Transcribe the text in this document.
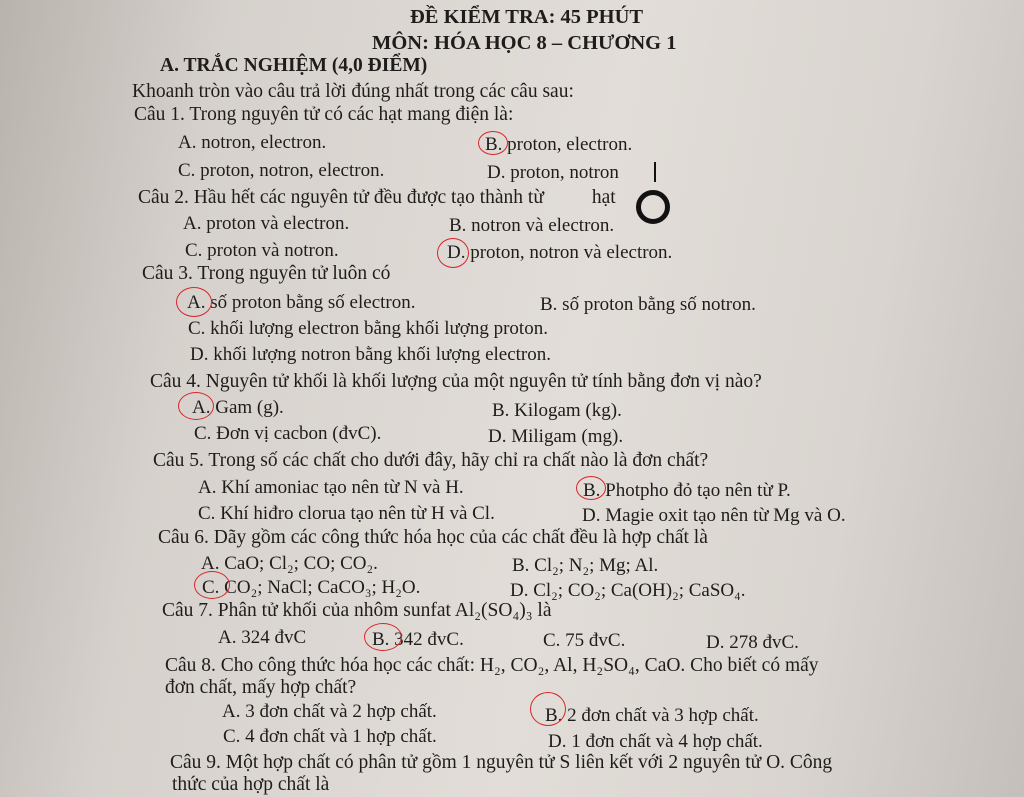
ĐỀ KIỂM TRA: 45 PHÚT
MÔN: HÓA HỌC 8 – CHƯƠNG 1
A. TRẮC NGHIỆM (4,0 ĐIỂM)
Khoanh tròn vào câu trả lời đúng nhất trong các câu sau:
Câu 1. Trong nguyên tử có các hạt mang điện là:
A. notron, electron.	B. proton, electron.
C. proton, notron, electron.	D. proton, notron
Câu 2. Hầu hết các nguyên tử đều được tạo thành từ hạt
A. proton và electron.	B. notron và electron.
C. proton và notron.	D. proton, notron và electron.
Câu 3. Trong nguyên tử luôn có
A. số proton bằng số electron.	B. số proton bằng số notron.
C. khối lượng electron bằng khối lượng proton.
D. khối lượng notron bằng khối lượng electron.
Câu 4. Nguyên tử khối là khối lượng của một nguyên tử tính bằng đơn vị nào?
A. Gam (g).	B. Kilogam (kg).
C. Đơn vị cacbon (đvC).	D. Miligam (mg).
Câu 5. Trong số các chất cho dưới đây, hãy chỉ ra chất nào là đơn chất?
A. Khí amoniac tạo nên từ N và H.	B. Photpho đỏ tạo nên từ P.
C. Khí hiđro clorua tạo nên từ H và Cl.	D. Magie oxit tạo nên từ Mg và O.
Câu 6. Dãy gồm các công thức hóa học của các chất đều là hợp chất là
A. CaO; Cl₂; CO; CO₂.	B. Cl₂; N₂; Mg; Al.
C. CO₂; NaCl; CaCO₃; H₂O.	D. Cl₂; CO₂; Ca(OH)₂; CaSO₄.
Câu 7. Phân tử khối của nhôm sunfat Al₂(SO₄)₃ là
A. 324 đvC	B. 342 đvC.	C. 75 đvC.	D. 278 đvC.
Câu 8. Cho công thức hóa học các chất: H₂, CO₂, Al, H₂SO₄, CaO. Cho biết có mấy
đơn chất, mấy hợp chất?
A. 3 đơn chất và 2 hợp chất.	B. 2 đơn chất và 3 hợp chất.
C. 4 đơn chất và 1 hợp chất.	D. 1 đơn chất và 4 hợp chất.
Câu 9. Một hợp chất có phân tử gồm 1 nguyên tử S liên kết với 2 nguyên tử O. Công
thức của hợp chất là
